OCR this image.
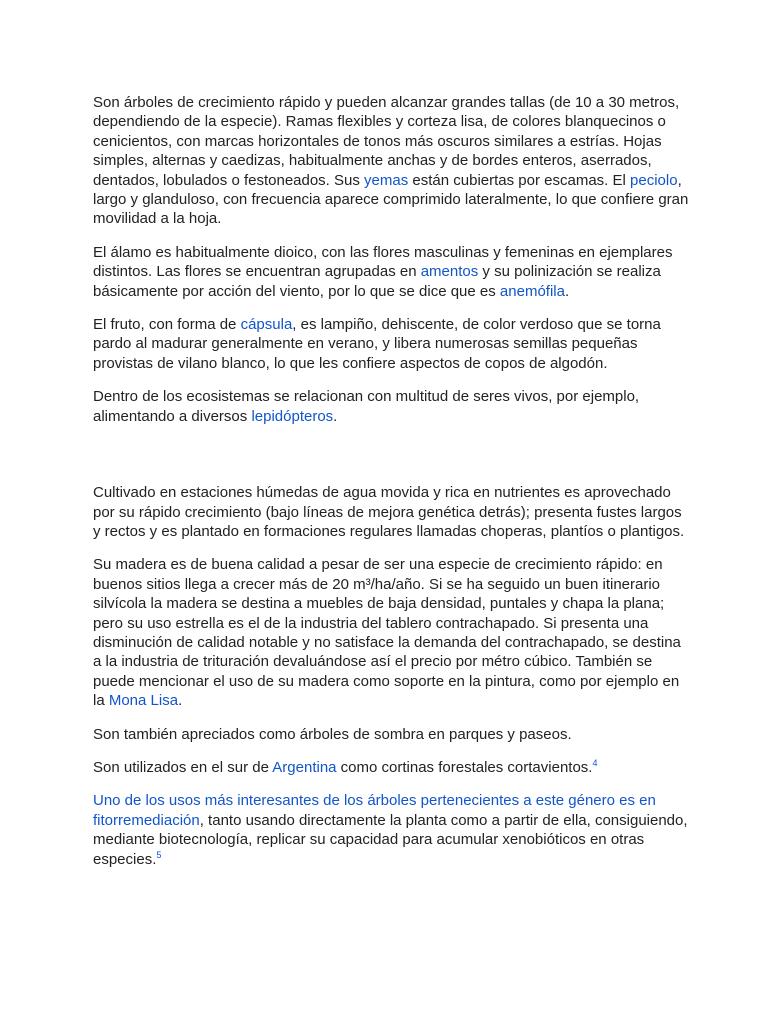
Son árboles de crecimiento rápido y pueden alcanzar grandes tallas (de 10 a 30 metros, dependiendo de la especie). Ramas flexibles y corteza lisa, de colores blanquecinos o cenicientos, con marcas horizontales de tonos más oscuros similares a estrías. Hojas simples, alternas y caedizas, habitualmente anchas y de bordes enteros, aserrados, dentados, lobulados o festoneados. Sus yemas están cubiertas por escamas. El peciolo, largo y glanduloso, con frecuencia aparece comprimido lateralmente, lo que confiere gran movilidad a la hoja.

El álamo es habitualmente dioico, con las flores masculinas y femeninas en ejemplares distintos. Las flores se encuentran agrupadas en amentos y su polinización se realiza básicamente por acción del viento, por lo que se dice que es anemófila.

El fruto, con forma de cápsula, es lampiño, dehiscente, de color verdoso que se torna pardo al madurar generalmente en verano, y libera numerosas semillas pequeñas provistas de vilano blanco, lo que les confiere aspectos de copos de algodón.

Dentro de los ecosistemas se relacionan con multitud de seres vivos, por ejemplo, alimentando a diversos lepidópteros.

Cultivado en estaciones húmedas de agua movida y rica en nutrientes es aprovechado por su rápido crecimiento (bajo líneas de mejora genética detrás); presenta fustes largos y rectos y es plantado en formaciones regulares llamadas choperas, plantíos o plantigos.

Su madera es de buena calidad a pesar de ser una especie de crecimiento rápido: en buenos sitios llega a crecer más de 20 m³/ha/año. Si se ha seguido un buen itinerario silvícola la madera se destina a muebles de baja densidad, puntales y chapa la plana; pero su uso estrella es el de la industria del tablero contrachapado. Si presenta una disminución de calidad notable y no satisface la demanda del contrachapado, se destina a la industria de trituración devaluándose así el precio por métro cúbico. También se puede mencionar el uso de su madera como soporte en la pintura, como por ejemplo en la Mona Lisa.

Son también apreciados como árboles de sombra en parques y paseos.

Son utilizados en el sur de Argentina como cortinas forestales cortavientos.$^4$

Uno de los usos más interesantes de los árboles pertenecientes a este género es en fitorremediación, tanto usando directamente la planta como a partir de ella, consiguiendo, mediante biotecnología, replicar su capacidad para acumular xenobióticos en otras especies.$^5$
